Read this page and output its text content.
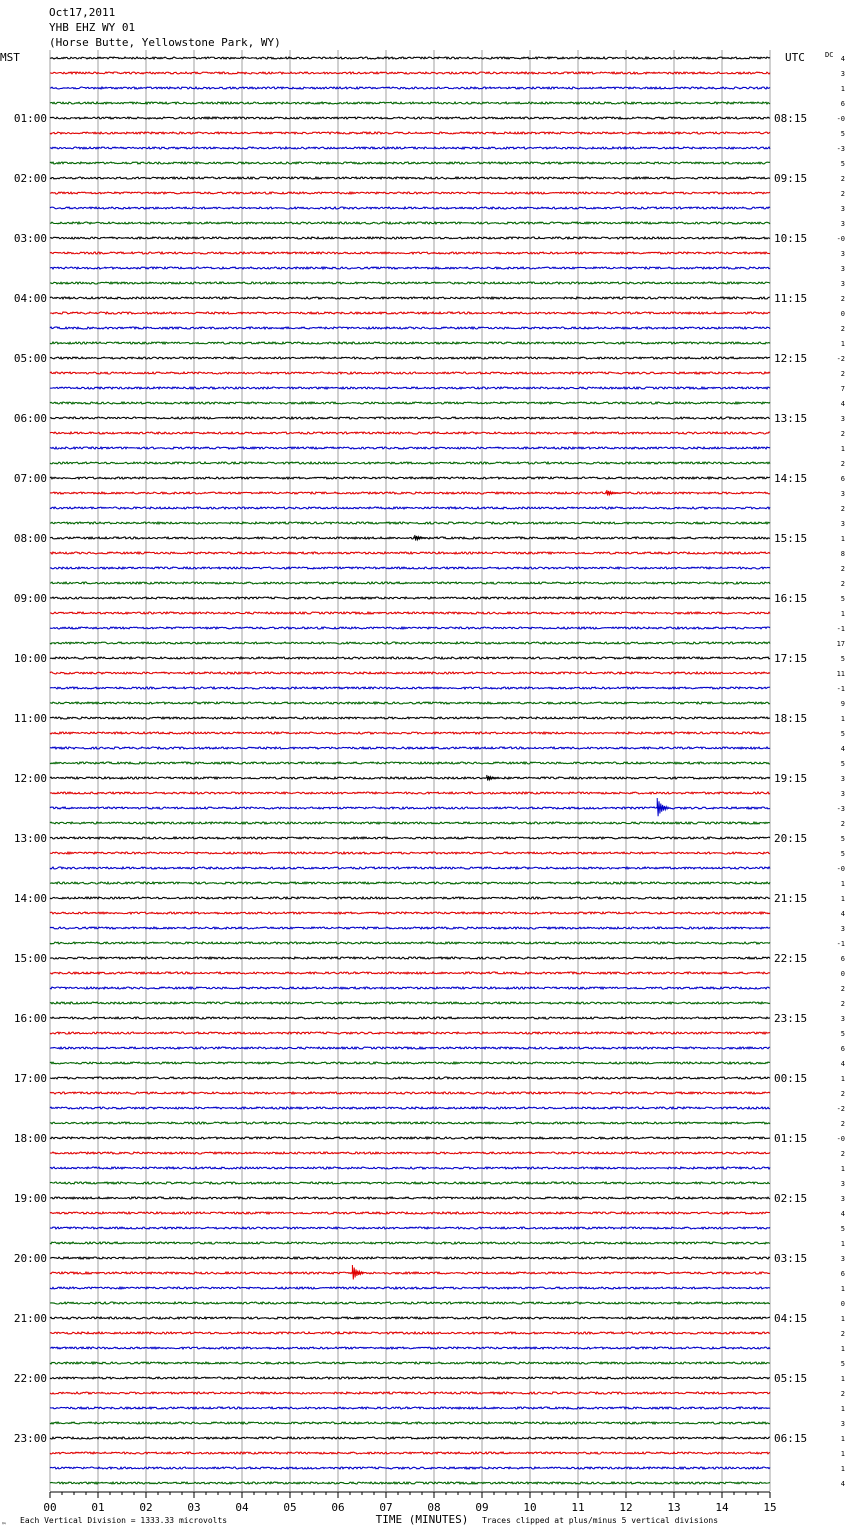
Oct17,2011
YHB EHZ WY 01
(Horse Butte, Yellowstone Park, WY)
MST	UTC	DC
01:00
02:00
03:00
04:00
05:00
06:00
07:00
08:00
09:00
10:00
11:00
12:00
13:00
14:00
15:00
16:00
17:00
18:00
19:00
20:00
21:00
22:00
23:00
08:15
09:15
10:15
11:15
12:15
13:15
14:15
15:15
16:15
17:15
18:15
19:15
20:15
21:15
22:15
23:15
00:15
01:15
02:15
03:15
04:15
05:15
06:15
4
3
1
6
-0
5
-3
5
2
2
3
3
-0
3
3
3
2
0
2
1
-2
2
7
4
3
2
1
2
6
3
2
3
1
8
2
2
5
1
-1
17
5
11
-1
9
1
5
4
5
3
3
-3
2
5
5
-0
1
1
4
3
-1
6
0
2
2
3
5
6
4
1
2
-2
2
-0
2
1
3
3
4
5
1
3
6
1
0
1
2
1
5
1
2
1
3
1
1
1
4
00	01	02	03	04	05	06	07	08	09	10	11	12	13	14	15
™
Each Vertical Division = 1333.33 microvolts	TIME (MINUTES) Traces clipped at plus/minus 5 vertical divisions
